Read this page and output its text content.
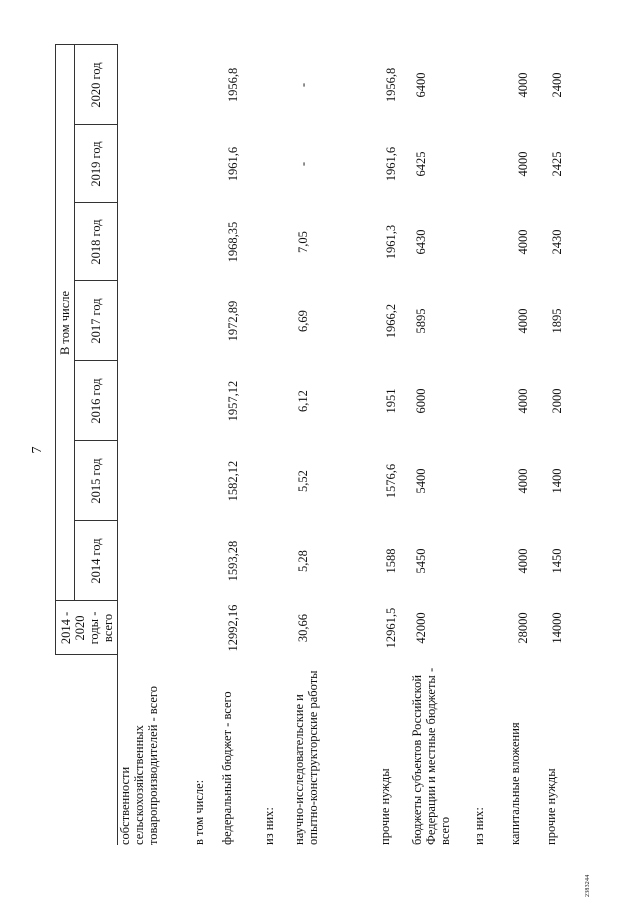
7
	2014 - 2020 годы - всего	В том числе						
		2014 год	2015 год	2016 год	2017 год	2018 год	2019 год	2020 год
собственности сельскохозяйственных товаропроизводителей - всего								
в том числе:								
федеральный бюджет - всего	12992,16	1593,28	1582,12	1957,12	1972,89	1968,35	1961,6	1956,8
из них:								
научно-исследовательские и опытно-конструкторские работы	30,66	5,28	5,52	6,12	6,69	7,05	-	-
прочие нужды	12961,5	1588	1576,6	1951	1966,2	1961,3	1961,6	1956,8
бюджеты субъектов Российской Федерации и местные бюджеты - всего	42000	5450	5400	6000	5895	6430	6425	6400
из них:								
капитальные вложения	28000	4000	4000	4000	4000	4000	4000	4000
прочие нужды	14000	1450	1400	2000	1895	2430	2425	2400
2383244
